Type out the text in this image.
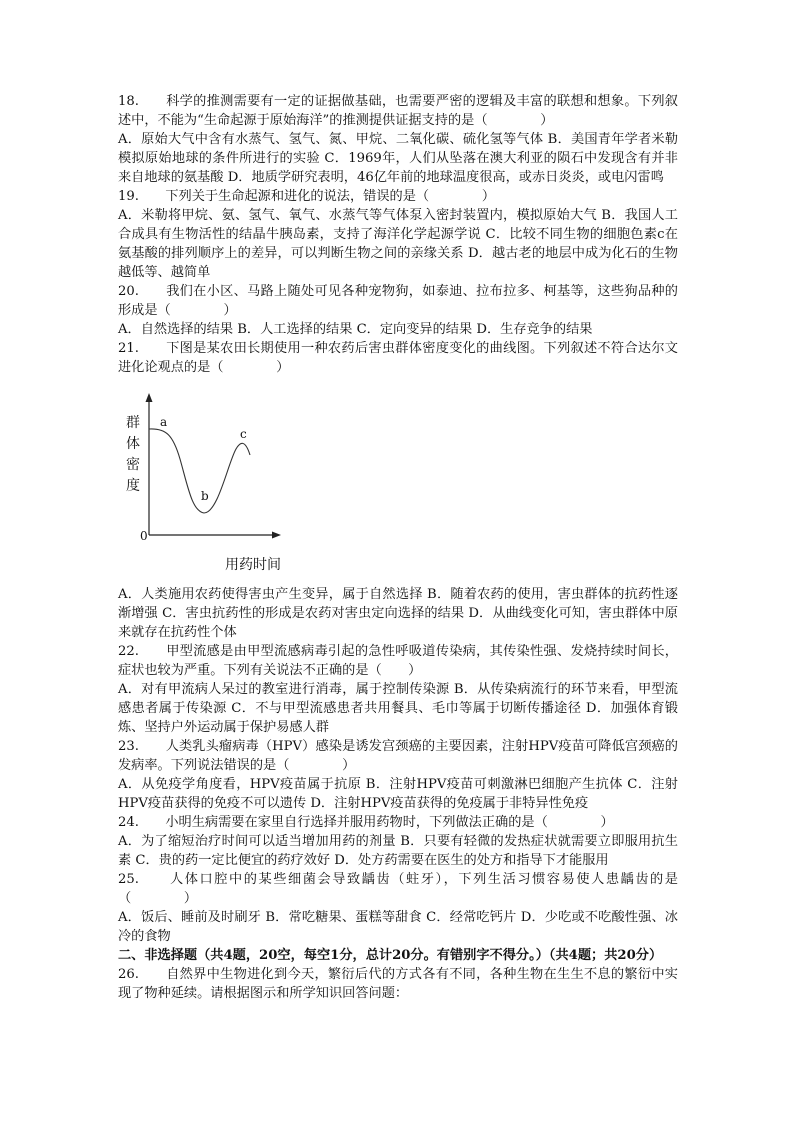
18.　　科学的推测需要有一定的证据做基础，也需要严密的逻辑及丰富的联想和想象。下列叙述中，不能为“生命起源于原始海洋”的推测提供证据支持的是（　　　　）

A．原始大气中含有水蒸气、氢气、氮、甲烷、二氧化碳、硫化氢等气体 B．美国青年学者米勒模拟原始地球的条件所进行的实验 C．1969年，人们从坠落在澳大利亚的陨石中发现含有并非来自地球的氨基酸 D．地质学研究表明，46亿年前的地球温度很高，或赤日炎炎，或电闪雷鸣

19.　　下列关于生命起源和进化的说法，错误的是（　　　　）

A．米勒将甲烷、氨、氢气、氧气、水蒸气等气体泵入密封装置内，模拟原始大气 B．我国人工合成具有生物活性的结晶牛胰岛素，支持了海洋化学起源学说 C．比较不同生物的细胞色素c在氨基酸的排列顺序上的差异，可以判断生物之间的亲缘关系 D．越古老的地层中成为化石的生物越低等、越简单

20.　　我们在小区、马路上随处可见各种宠物狗，如泰迪、拉布拉多、柯基等，这些狗品种的形成是（　　　　）

A．自然选择的结果 B．人工选择的结果 C．定向变异的结果 D．生存竞争的结果

21.　　下图是某农田长期使用一种农药后害虫群体密度变化的曲线图。下列叙述不符合达尔文进化论观点的是（　　　　）

群体密度
0
用药时间
a
b
c

A．人类施用农药使得害虫产生变异，属于自然选择 B．随着农药的使用，害虫群体的抗药性逐渐增强 C．害虫抗药性的形成是农药对害虫定向选择的结果 D．从曲线变化可知，害虫群体中原来就存在抗药性个体

22.　　甲型流感是由甲型流感病毒引起的急性呼吸道传染病，其传染性强、发烧持续时间长，症状也较为严重。下列有关说法不正确的是（　　）

A．对有甲流病人呆过的教室进行消毒，属于控制传染源 B．从传染病流行的环节来看，甲型流感患者属于传染源 C．不与甲型流感患者共用餐具、毛巾等属于切断传播途径 D．加强体育锻炼、坚持户外运动属于保护易感人群

23.　　人类乳头瘤病毒（HPV）感染是诱发宫颈癌的主要因素，注射HPV疫苗可降低宫颈癌的发病率。下列说法错误的是（　　　　）

A．从免疫学角度看，HPV疫苗属于抗原 B．注射HPV疫苗可刺激淋巴细胞产生抗体 C．注射HPV疫苗获得的免疫不可以遗传 D．注射HPV疫苗获得的免疫属于非特异性免疫

24.　　小明生病需要在家里自行选择并服用药物时，下列做法正确的是（　　　　）

A．为了缩短治疗时间可以适当增加用药的剂量 B．只要有轻微的发热症状就需要立即服用抗生素 C．贵的药一定比便宜的药疗效好 D．处方药需要在医生的处方和指导下才能服用

25.　　人体口腔中的某些细菌会导致龋齿（蛀牙），下列生活习惯容易使人患龋齿的是（　　　　）

A．饭后、睡前及时刷牙 B．常吃糖果、蛋糕等甜食 C．经常吃钙片 D．少吃或不吃酸性强、冰冷的食物

二、非选择题（共4题，20空，每空1分，总计20分。有错别字不得分。）（共4题；共20分）

26.　　自然界中生物进化到今天，繁衍后代的方式各有不同，各种生物在生生不息的繁衍中实现了物种延续。请根据图示和所学知识回答问题：
